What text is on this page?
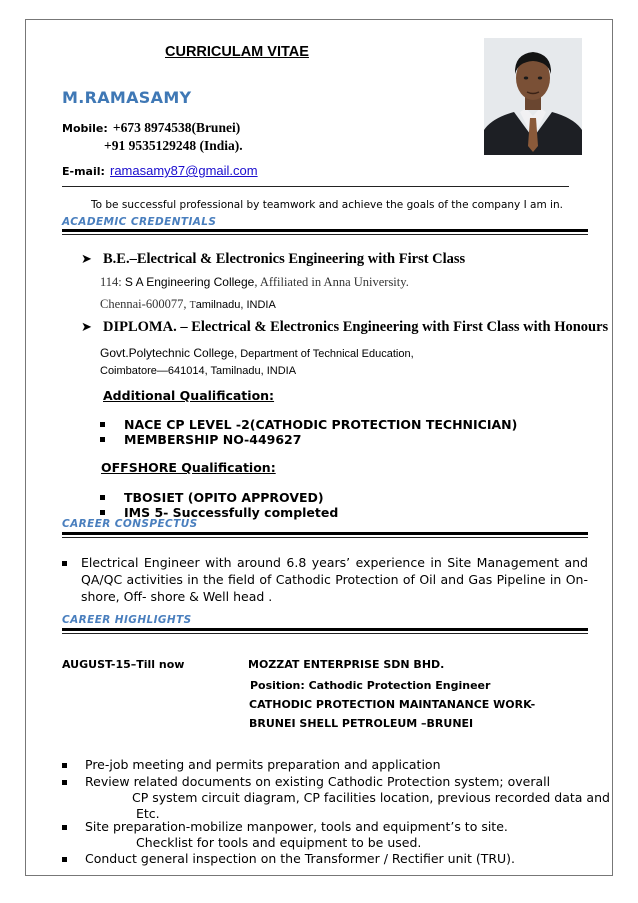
CURRICULAM VITAE
M.RAMASAMY
Mobile: +673 8974538(Brunei)
+91 9535129248 (India).
E-mail: ramasamy87@gmail.com
To be successful professional by teamwork and achieve the goals of the company I am in.
ACADEMIC CREDENTIALS
➤ B.E.–Electrical & Electronics Engineering with First Class
114: S A Engineering College, Affiliated in Anna University.
Chennai-600077, Tamilnadu, INDIA
➤ DIPLOMA. – Electrical & Electronics Engineering with First Class with Honours
Govt.Polytechnic College, Department of Technical Education,
Coimbatore—641014, Tamilnadu, INDIA
Additional Qualification:
NACE CP LEVEL -2(CATHODIC PROTECTION TECHNICIAN)
MEMBERSHIP NO-449627
OFFSHORE Qualification:
TBOSIET (OPITO APPROVED)
IMS 5- Successfully completed
CAREER CONSPECTUS
Electrical Engineer with around 6.8 years’ experience in Site Management and QA/QC activities in the field of Cathodic Protection of Oil and Gas Pipeline in On-shore, Off- shore & Well head .
CAREER HIGHLIGHTS
AUGUST-15–Till now	MOZZAT ENTERPRISE SDN BHD.
Position: Cathodic Protection Engineer
CATHODIC PROTECTION MAINTANANCE WORK-
BRUNEI SHELL PETROLEUM –BRUNEI
Pre-job meeting and permits preparation and application
Review related documents on existing Cathodic Protection system; overall
CP system circuit diagram, CP facilities location, previous recorded data and
Etc.
Site preparation-mobilize manpower, tools and equipment’s to site.
Checklist for tools and equipment to be used.
Conduct general inspection on the Transformer / Rectifier unit (TRU).
